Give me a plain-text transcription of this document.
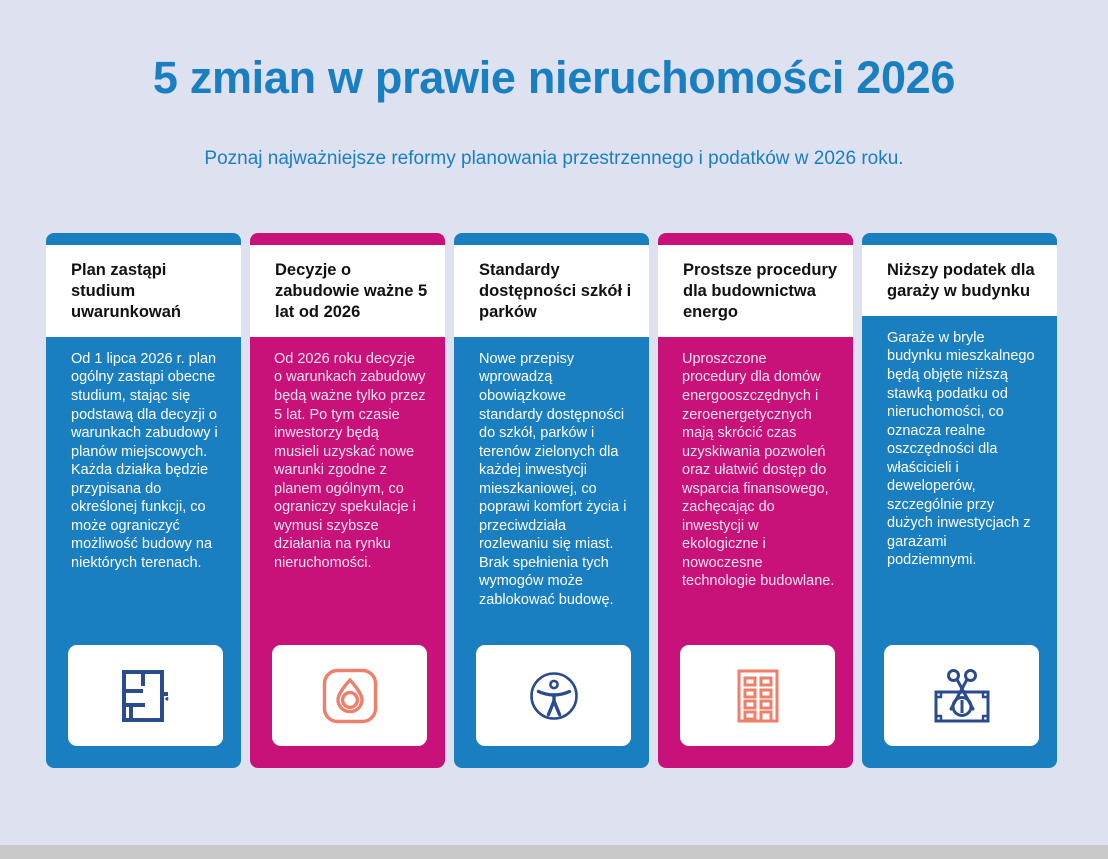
5 zmian w prawie nieruchomości 2026

Poznaj najważniejsze reformy planowania przestrzennego i podatków w 2026 roku.

Plan zastąpi studium uwarunkowań

Od 1 lipca 2026 r. plan ogólny zastąpi obecne studium, stając się podstawą dla decyzji o warunkach zabudowy i planów miejscowych. Każda działka będzie przypisana do określonej funkcji, co może ograniczyć możliwość budowy na niektórych terenach.

Decyzje o zabudowie ważne 5 lat od 2026

Od 2026 roku decyzje o warunkach zabudowy będą ważne tylko przez 5 lat. Po tym czasie inwestorzy będą musieli uzyskać nowe warunki zgodne z planem ogólnym, co ograniczy spekulacje i wymusi szybsze działania na rynku nieruchomości.

Standardy dostępności szkół i parków

Nowe przepisy wprowadzą obowiązkowe standardy dostępności do szkół, parków i terenów zielonych dla każdej inwestycji mieszkaniowej, co poprawi komfort życia i przeciwdziała rozlewaniu się miast. Brak spełnienia tych wymogów może zablokować budowę.

Prostsze procedury dla budownictwa energo

Uproszczone procedury dla domów energooszczędnych i zeroenergetycznych mają skrócić czas uzyskiwania pozwoleń oraz ułatwić dostęp do wsparcia finansowego, zachęcając do inwestycji w ekologiczne i nowoczesne technologie budowlane.

Niższy podatek dla garaży w budynku

Garaże w bryle budynku mieszkalnego będą objęte niższą stawką podatku od nieruchomości, co oznacza realne oszczędności dla właścicieli i deweloperów, szczególnie przy dużych inwestycjach z garażami podziemnymi.
